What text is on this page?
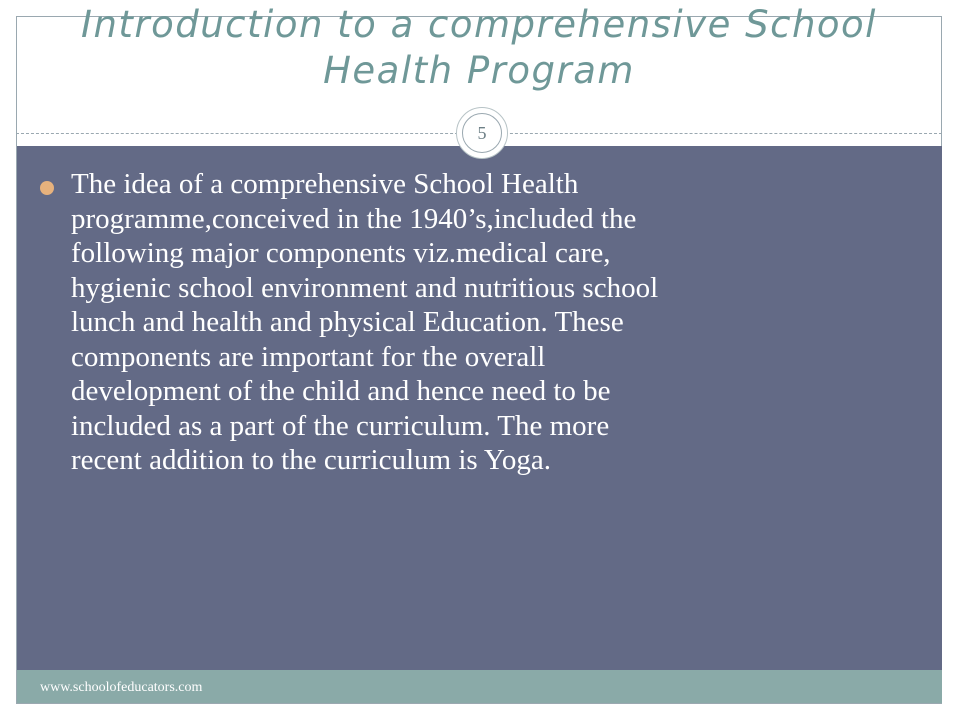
Introduction to a comprehensive School
Health Program
5

The idea of a comprehensive School Health
programme,conceived in the 1940’s,included the
following major components viz.medical care,
hygienic school environment and nutritious school
lunch and health and physical Education. These
components are important for the overall
development of the child and hence need to be
included as a part of the curriculum. The more
recent addition to the curriculum is Yoga.

www.schoolofeducators.com
